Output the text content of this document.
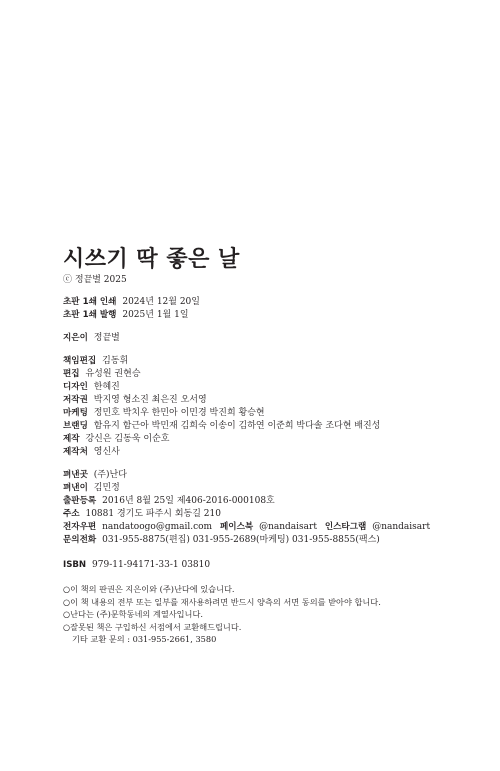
시쓰기 딱 좋은 날
ⓒ 정끝별 2025
초판 1쇄 인쇄 2024년 12월 20일
초판 1쇄 발행 2025년 1월 1일
지은이 정끝별
책임편집 김동휘
편집 유성원 권현승
디자인 한혜진
저작권 박지영 형소진 최은진 오서영
마케팅 정민호 박치우 한민아 이민경 박진희 황승현
브랜딩 함유지 함근아 박민재 김희숙 이송이 김하연 이준희 박다솔 조다현 배진성
제작 강신은 김동욱 이순호
제작처 영신사
펴낸곳 (주)난다
펴낸이 김민정
출판등록 2016년 8월 25일 제406-2016-000108호
주소 10881 경기도 파주시 회동길 210
전자우편 nandatoogo@gmail.com 페이스북 @nandaisart 인스타그램 @nandaisart
문의전화 031-955-8875(편집) 031-955-2689(마케팅) 031-955-8855(팩스)
ISBN 979-11-94171-33-1 03810
○이 책의 판권은 지은이와 (주)난다에 있습니다.
○이 책 내용의 전부 또는 일부를 재사용하려면 반드시 양측의 서면 동의를 받아야 합니다.
○난다는 (주)문학동네의 계열사입니다.
○잘못된 책은 구입하신 서점에서 교환해드립니다.
기타 교환 문의 : 031-955-2661, 3580
